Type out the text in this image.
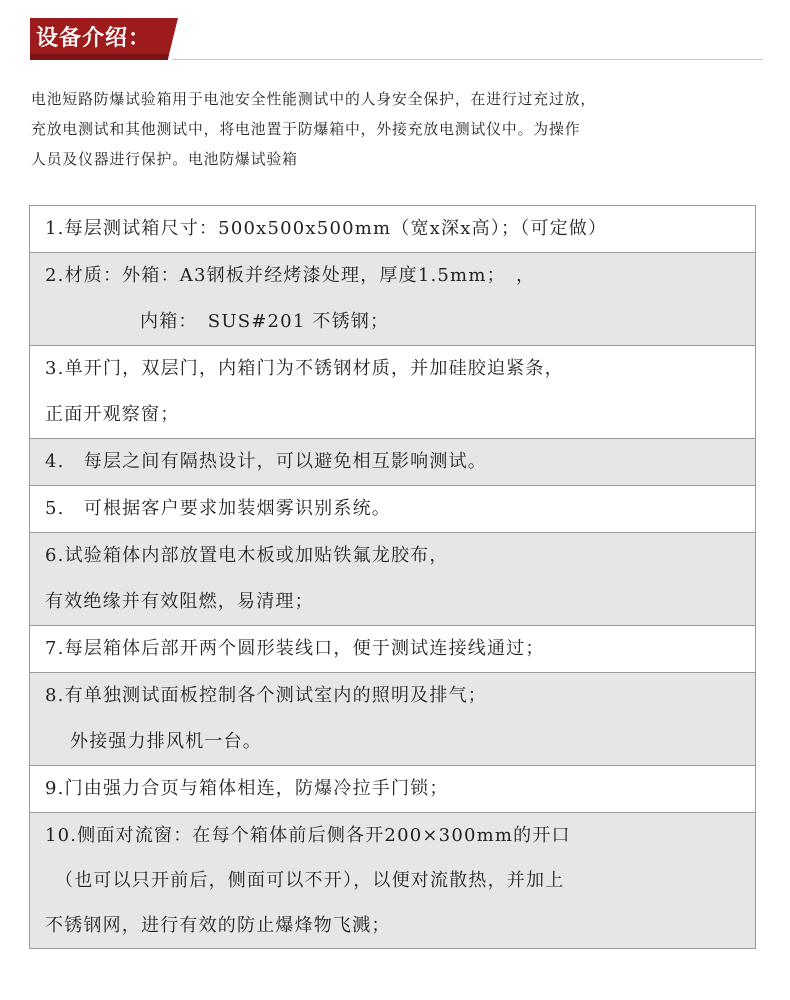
设备介绍：
电池短路防爆试验箱用于电池安全性能测试中的人身安全保护，在进行过充过放，
充放电测试和其他测试中，将电池置于防爆箱中，外接充放电测试仪中。为操作
人员及仪器进行保护。电池防爆试验箱
1.每层测试箱尺寸：500x500x500mm（宽x深x高）；（可定做）
2.材质：外箱：A3钢板并经烤漆处理，厚度1.5mm；　，
内箱：　SUS#201 不锈钢；
3.单开门，双层门，内箱门为不锈钢材质，并加硅胶迫紧条，
正面开观察窗；
4.　每层之间有隔热设计，可以避免相互影响测试。
5.　可根据客户要求加装烟雾识别系统。
6.试验箱体内部放置电木板或加贴铁氟龙胶布，
有效绝缘并有效阻燃，易清理；
7.每层箱体后部开两个圆形装线口，便于测试连接线通过；
8.有单独测试面板控制各个测试室内的照明及排气；
外接强力排风机一台。
9.门由强力合页与箱体相连，防爆冷拉手门锁；
10.侧面对流窗：在每个箱体前后侧各开200×300mm的开口
（也可以只开前后，侧面可以不开），以便对流散热，并加上
不锈钢网，进行有效的防止爆烽物飞溅；
